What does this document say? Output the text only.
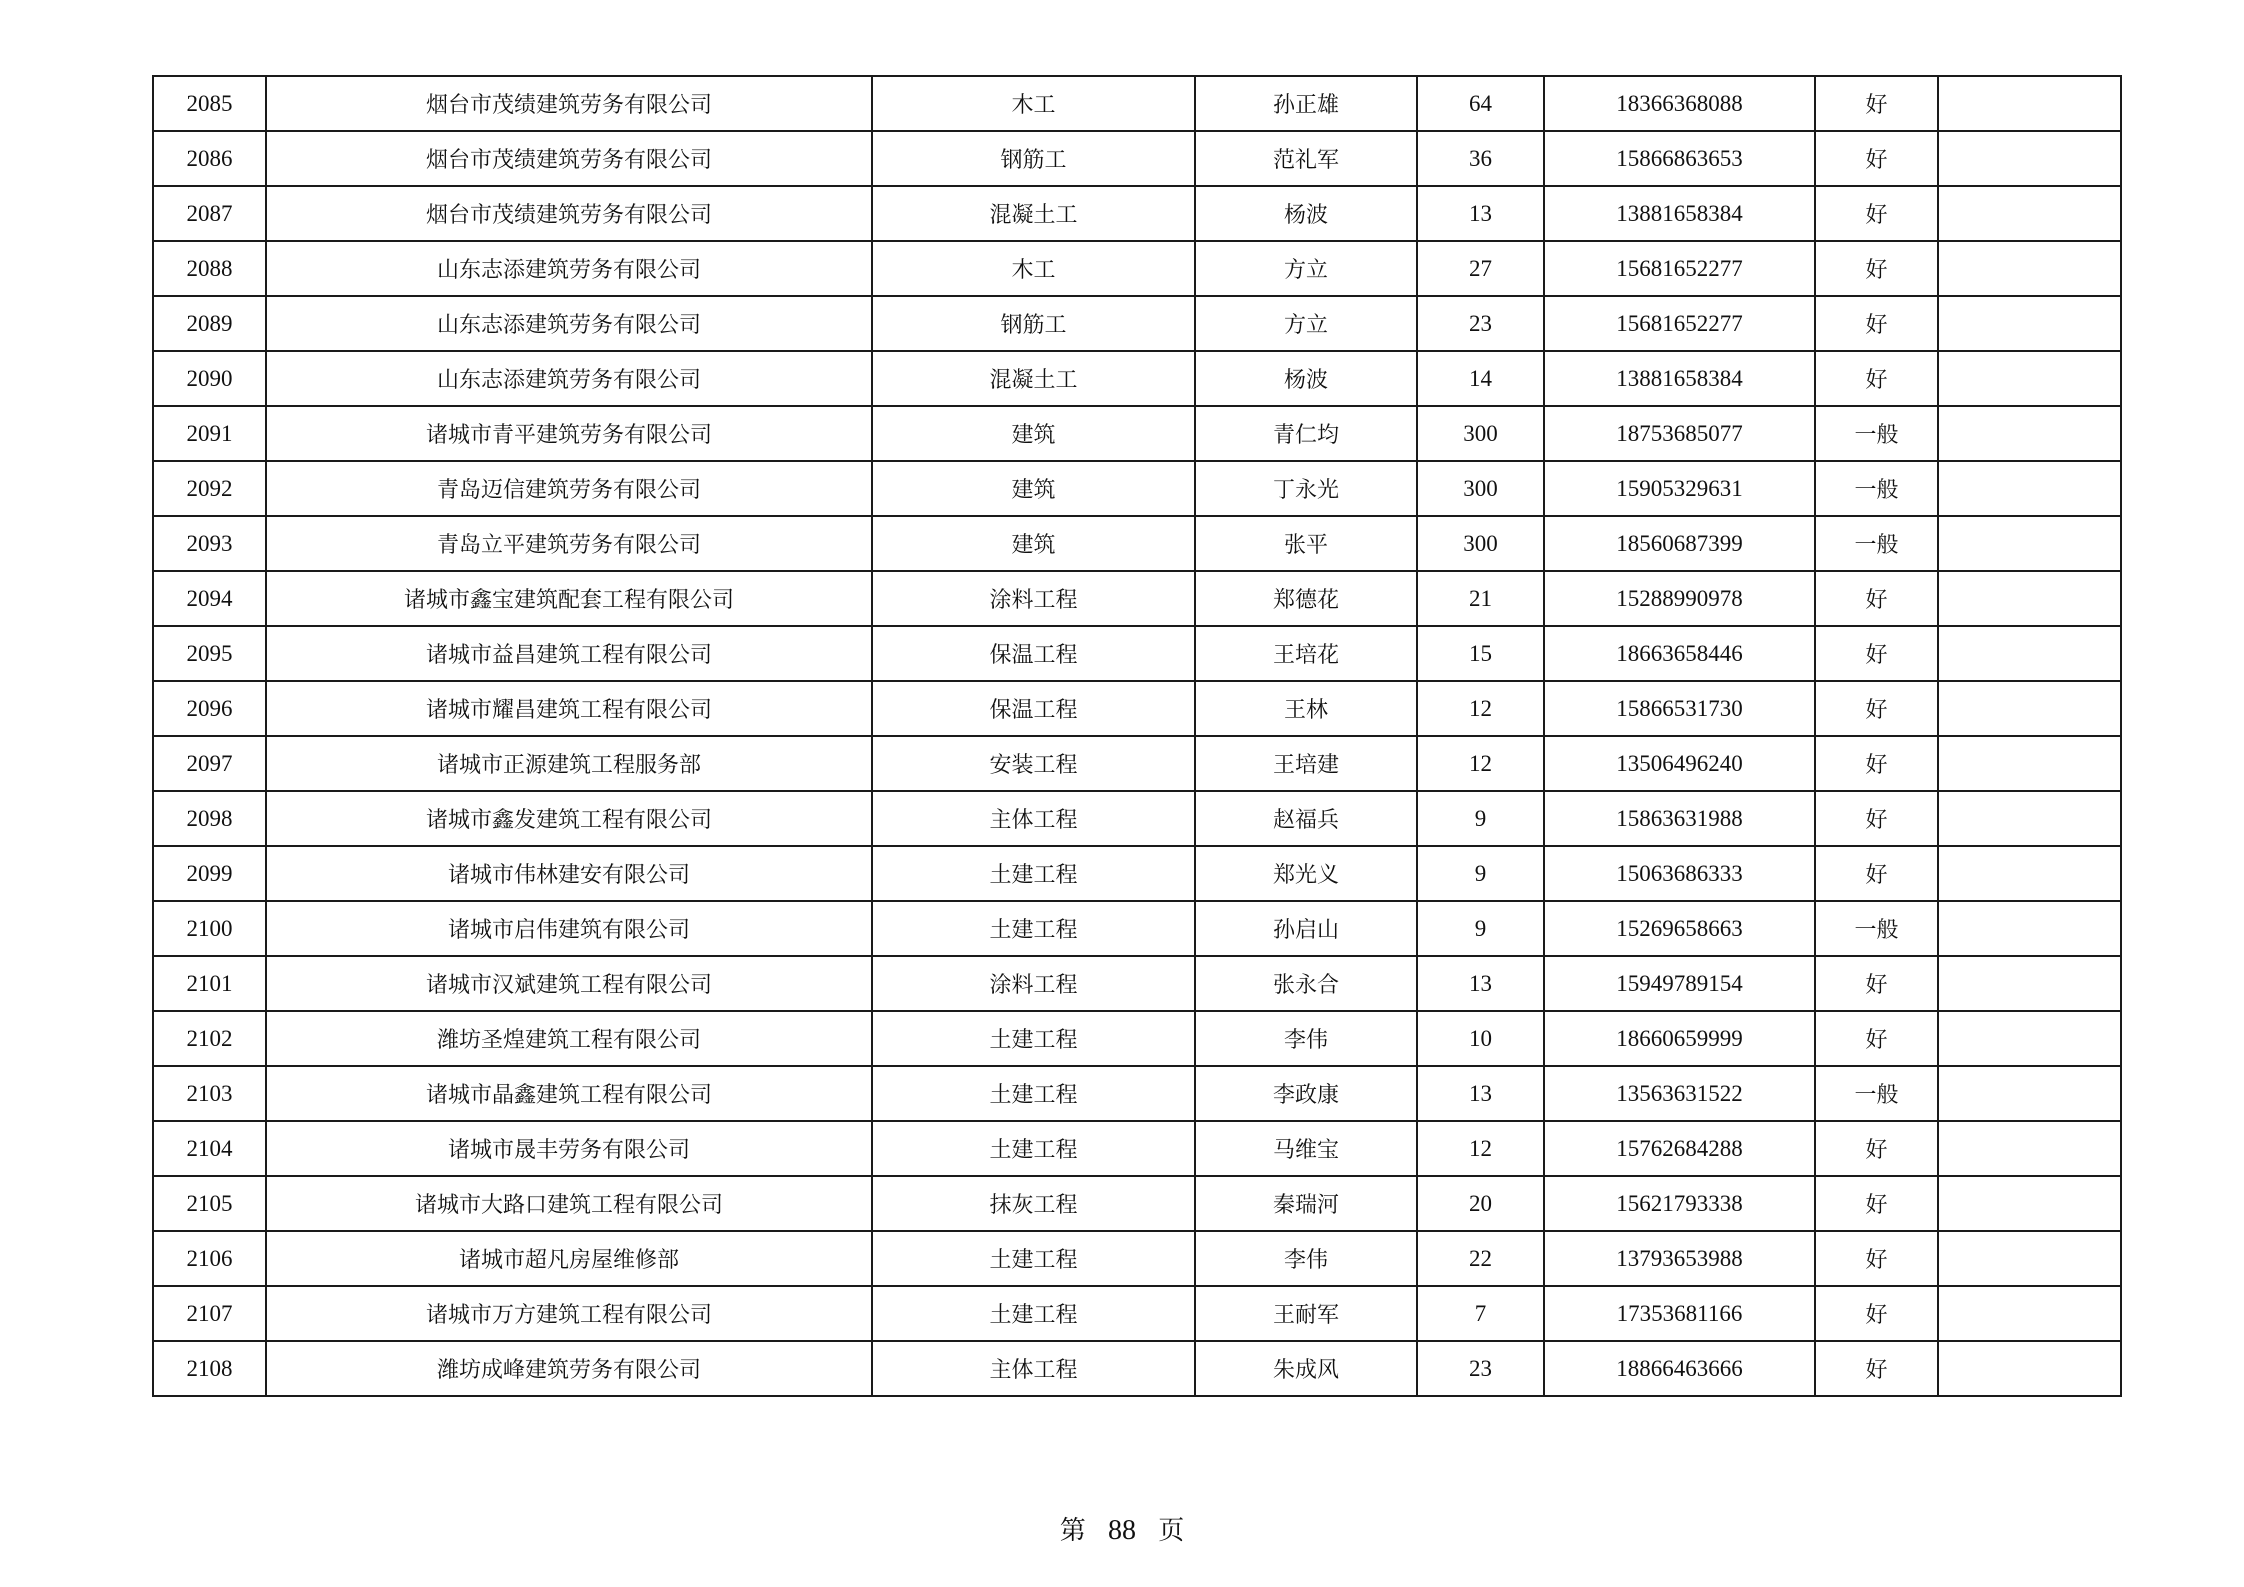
2085	烟台市茂绩建筑劳务有限公司	木工	孙正雄	64	18366368088	好	
2086	烟台市茂绩建筑劳务有限公司	钢筋工	范礼军	36	15866863653	好	
2087	烟台市茂绩建筑劳务有限公司	混凝土工	杨波	13	13881658384	好	
2088	山东志添建筑劳务有限公司	木工	方立	27	15681652277	好	
2089	山东志添建筑劳务有限公司	钢筋工	方立	23	15681652277	好	
2090	山东志添建筑劳务有限公司	混凝土工	杨波	14	13881658384	好	
2091	诸城市青平建筑劳务有限公司	建筑	青仁均	300	18753685077	一般	
2092	青岛迈信建筑劳务有限公司	建筑	丁永光	300	15905329631	一般	
2093	青岛立平建筑劳务有限公司	建筑	张平	300	18560687399	一般	
2094	诸城市鑫宝建筑配套工程有限公司	涂料工程	郑德花	21	15288990978	好	
2095	诸城市益昌建筑工程有限公司	保温工程	王培花	15	18663658446	好	
2096	诸城市耀昌建筑工程有限公司	保温工程	王林	12	15866531730	好	
2097	诸城市正源建筑工程服务部	安装工程	王培建	12	13506496240	好	
2098	诸城市鑫发建筑工程有限公司	主体工程	赵福兵	9	15863631988	好	
2099	诸城市伟林建安有限公司	土建工程	郑光义	9	15063686333	好	
2100	诸城市启伟建筑有限公司	土建工程	孙启山	9	15269658663	一般	
2101	诸城市汉斌建筑工程有限公司	涂料工程	张永合	13	15949789154	好	
2102	潍坊圣煌建筑工程有限公司	土建工程	李伟	10	18660659999	好	
2103	诸城市晶鑫建筑工程有限公司	土建工程	李政康	13	13563631522	一般	
2104	诸城市晟丰劳务有限公司	土建工程	马维宝	12	15762684288	好	
2105	诸城市大路口建筑工程有限公司	抹灰工程	秦瑞河	20	15621793338	好	
2106	诸城市超凡房屋维修部	土建工程	李伟	22	13793653988	好	
2107	诸城市万方建筑工程有限公司	土建工程	王耐军	7	17353681166	好	
2108	潍坊成峰建筑劳务有限公司	主体工程	朱成风	23	18866463666	好	
第 88 页
